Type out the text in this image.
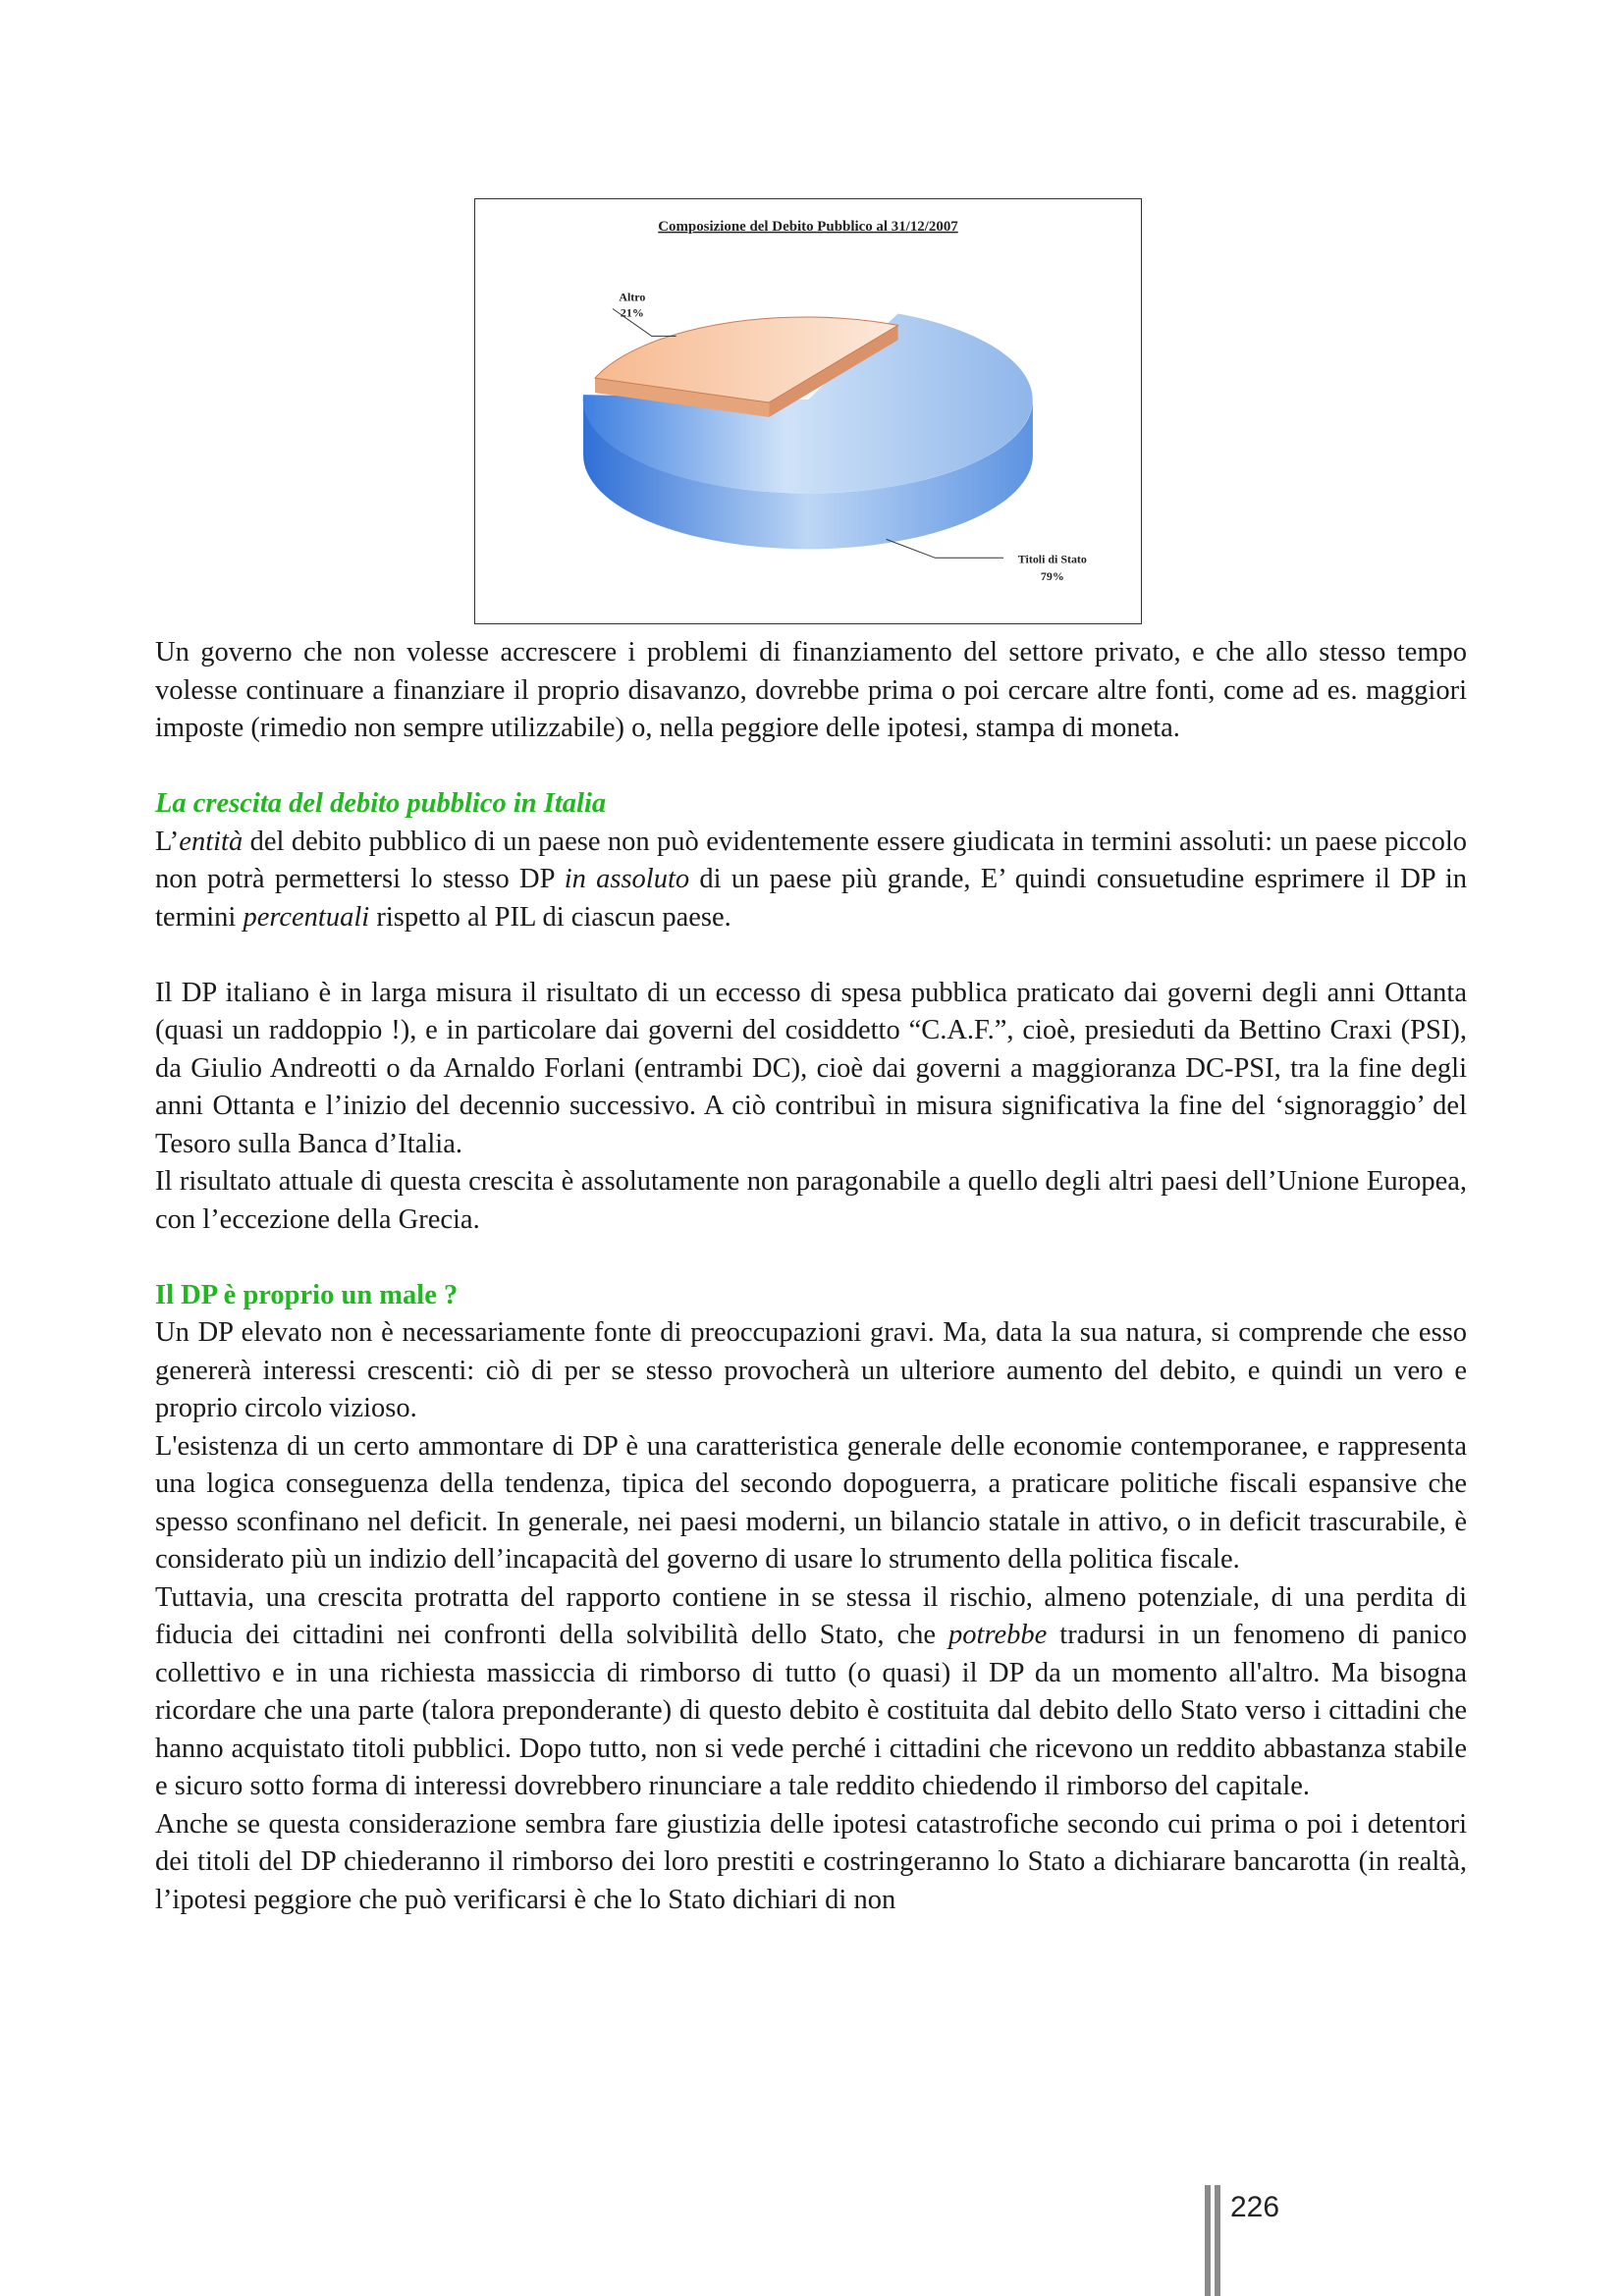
Composizione del Debito Pubblico al 31/12/2007
Altro
21%
Titoli di Stato
79%

Un governo che non volesse accrescere i problemi di finanziamento del settore privato, e che allo stesso tempo volesse continuare a finanziare il proprio disavanzo, dovrebbe prima o poi cercare altre fonti, come ad es. maggiori imposte (rimedio non sempre utilizzabile) o, nella peggiore delle ipotesi, stampa di moneta.

La crescita del debito pubblico in Italia

L’entità del debito pubblico di un paese non può evidentemente essere giudicata in termini assoluti: un paese piccolo non potrà permettersi lo stesso DP in assoluto di un paese più grande, E’ quindi consuetudine esprimere il DP in termini percentuali rispetto al PIL di ciascun paese.

Il DP italiano è in larga misura il risultato di un eccesso di spesa pubblica praticato dai governi degli anni Ottanta (quasi un raddoppio !), e in particolare dai governi del cosiddetto “C.A.F.”, cioè, presieduti da Bettino Craxi (PSI), da Giulio Andreotti o da Arnaldo Forlani (entrambi DC), cioè dai governi a maggioranza DC-PSI, tra la fine degli anni Ottanta e l’inizio del decennio successivo. A ciò contribuì in misura significativa la fine del ‘signoraggio’ del Tesoro sulla Banca d’Italia.

Il risultato attuale di questa crescita è assolutamente non paragonabile a quello degli altri paesi dell’Unione Europea, con l’eccezione della Grecia.

Il DP è proprio un male ?

Un DP elevato non è necessariamente fonte di preoccupazioni gravi. Ma, data la sua natura, si comprende che esso genererà interessi crescenti: ciò di per se stesso provocherà un ulteriore aumento del debito, e quindi un vero e proprio circolo vizioso.

L'esistenza di un certo ammontare di DP è una caratteristica generale delle economie contemporanee, e rappresenta una logica conseguenza della tendenza, tipica del secondo dopoguerra, a praticare politiche fiscali espansive che spesso sconfinano nel deficit. In generale, nei paesi moderni, un bilancio statale in attivo, o in deficit trascurabile, è considerato più un indizio dell’incapacità del governo di usare lo strumento della politica fiscale.

Tuttavia, una crescita protratta del rapporto contiene in se stessa il rischio, almeno potenziale, di una perdita di fiducia dei cittadini nei confronti della solvibilità dello Stato, che potrebbe tradursi in un fenomeno di panico collettivo e in una richiesta massiccia di rimborso di tutto (o quasi) il DP da un momento all'altro. Ma bisogna ricordare che una parte (talora preponderante) di questo debito è costituita dal debito dello Stato verso i cittadini che hanno acquistato titoli pubblici. Dopo tutto, non si vede perché i cittadini che ricevono un reddito abbastanza stabile e sicuro sotto forma di interessi dovrebbero rinunciare a tale reddito chiedendo il rimborso del capitale.

Anche se questa considerazione sembra fare giustizia delle ipotesi catastrofiche secondo cui prima o poi i detentori dei titoli del DP chiederanno il rimborso dei loro prestiti e costringeranno lo Stato a dichiarare bancarotta (in realtà, l’ipotesi peggiore che può verificarsi è che lo Stato dichiari di non

226
